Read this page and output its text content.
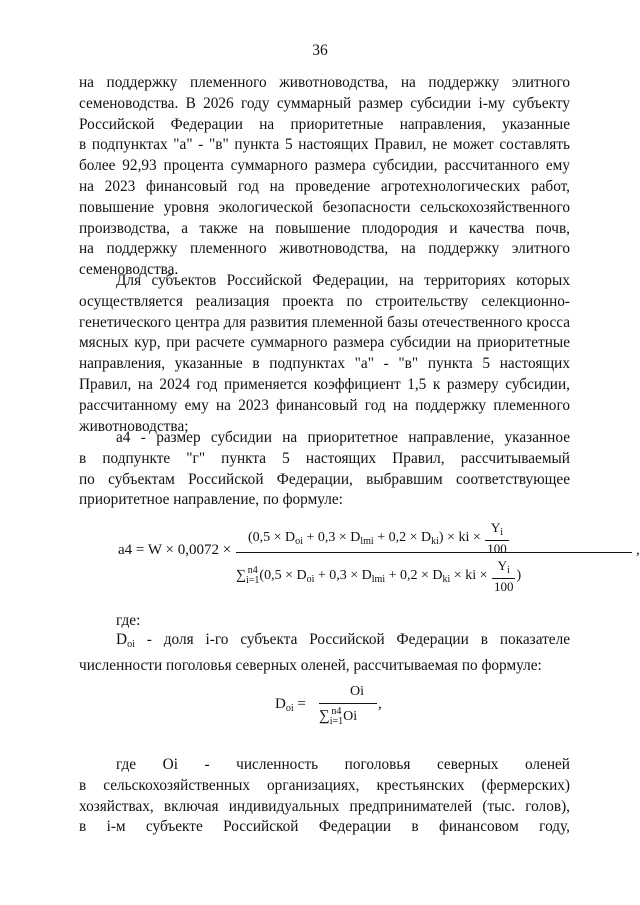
36

на поддержку племенного животноводства, на поддержку элитного

семеноводства. В 2026 году суммарный размер субсидии i-му субъекту

Российской Федерации на приоритетные направления, указанные

в подпунктах "а" - "в" пункта 5 настоящих Правил, не может составлять

более 92,93 процента суммарного размера субсидии, рассчитанного ему

на 2023 финансовый год на проведение агротехнологических работ,

повышение уровня экологической безопасности сельскохозяйственного

производства, а также на повышение плодородия и качества почв,

на поддержку племенного животноводства, на поддержку элитного

семеноводства.

Для субъектов Российской Федерации, на территориях которых

осуществляется реализация проекта по строительству селекционно-

генетического центра для развития племенной базы отечественного кросса

мясных кур, при расчете суммарного размера субсидии на приоритетные

направления, указанные в подпунктах "а" - "в" пункта 5 настоящих

Правил, на 2024 год применяется коэффициент 1,5 к размеру субсидии,

рассчитанному ему на 2023 финансовый год на поддержку племенного

животноводства;

а4 - размер субсидии на приоритетное направление, указанное

в подпункте "г" пункта 5 настоящих Правил, рассчитываемый

по субъектам Российской Федерации, выбравшим соответствующее

приоритетное направление, по формуле:

a4 = W × 0,0072 ×
$(0,5 \times D_{oi} + 0,3 \times D_{lmi} + 0,2 \times D_{ki})$ × ki × $\frac{Y_i}{100}$
∑ n4
i=1 ($0,5 \times D_{oi} + 0,3 \times D_{lmi} + 0,2 \times D_{ki}$ × ki × $\frac{Y_i}{100}$ )
,

где:

$D_{oi}$ - доля i-го субъекта Российской Федерации в показателе

численности поголовья северных оленей, рассчитываемая по формуле:

$D_{oi}$ =
Oi
∑ n4
i=1 Oi
,

где Oi - численность поголовья северных оленей

в сельскохозяйственных организациях, крестьянских (фермерских)

хозяйствах, включая индивидуальных предпринимателей (тыс. голов),

в i-м субъекте Российской Федерации в финансовом году,
